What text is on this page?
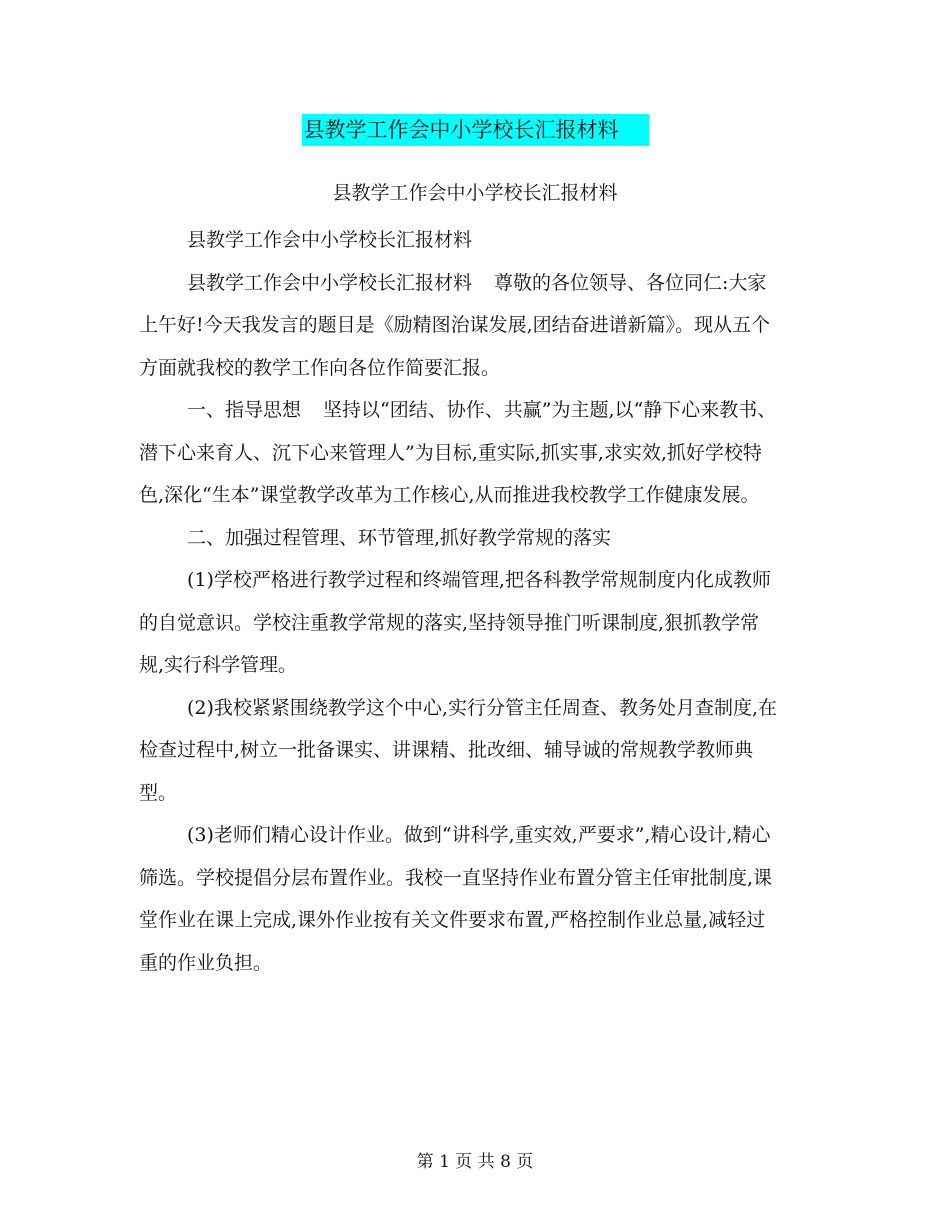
县教学工作会中小学校长汇报材料
县教学工作会中小学校长汇报材料

县教学工作会中小学校长汇报材料

县教学工作会中小学校长汇报材料 尊敬的各位领导、各位同仁:大家上午好!今天我发言的题目是《励精图治谋发展,团结奋进谱新篇》。现从五个方面就我校的教学工作向各位作简要汇报。

一、指导思想 坚持以“团结、协作、共赢”为主题,以“静下心来教书、潜下心来育人、沉下心来管理人”为目标,重实际,抓实事,求实效,抓好学校特色,深化“生本”课堂教学改革为工作核心,从而推进我校教学工作健康发展。

二、加强过程管理、环节管理,抓好教学常规的落实

(1)学校严格进行教学过程和终端管理,把各科教学常规制度内化成教师的自觉意识。学校注重教学常规的落实,坚持领导推门听课制度,狠抓教学常规,实行科学管理。

(2)我校紧紧围绕教学这个中心,实行分管主任周查、教务处月查制度,在检查过程中,树立一批备课实、讲课精、批改细、辅导诚的常规教学教师典型。

(3)老师们精心设计作业。做到“讲科学,重实效,严要求”,精心设计,精心筛选。学校提倡分层布置作业。我校一直坚持作业布置分管主任审批制度,课堂作业在课上完成,课外作业按有关文件要求布置,严格控制作业总量,减轻过重的作业负担。

第 1 页 共 8 页
